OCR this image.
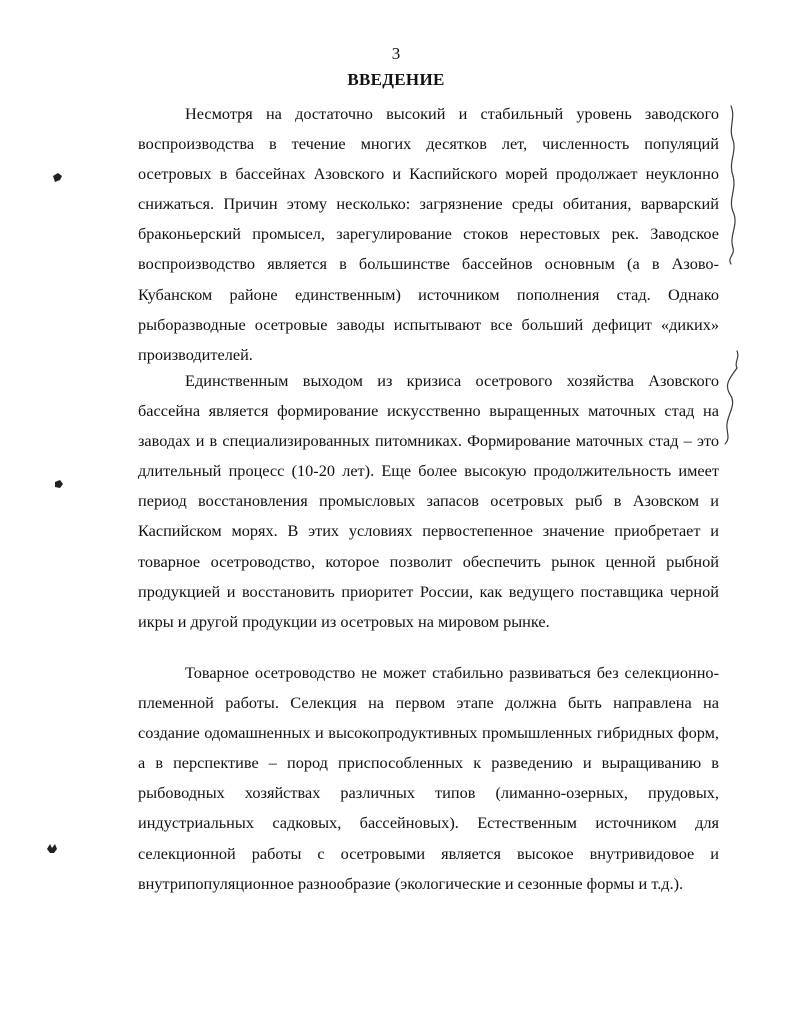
3
ВВЕДЕНИЕ

Несмотря на достаточно высокий и стабильный уровень заводского воспроизводства в течение многих десятков лет, численность популяций осетровых в бассейнах Азовского и Каспийского морей продолжает неуклонно снижаться. Причин этому несколько: загрязнение среды обитания, варварский браконьерский промысел, зарегулирование стоков нерестовых рек. Заводское воспроизводство является в большинстве бассейнов основным (а в Азово-Кубанском районе единственным) источником пополнения стад. Однако рыборазводные осетровые заводы испытывают все больший дефицит «диких» производителей.

Единственным выходом из кризиса осетрового хозяйства Азовского бассейна является формирование искусственно выращенных маточных стад на заводах и в специализированных питомниках. Формирование маточных стад – это длительный процесс (10-20 лет). Еще более высокую продолжительность имеет период восстановления промысловых запасов осетровых рыб в Азовском и Каспийском морях. В этих условиях первостепенное значение приобретает и товарное осетроводство, которое позволит обеспечить рынок ценной рыбной продукцией и восстановить приоритет России, как ведущего поставщика черной икры и другой продукции из осетровых на мировом рынке.

Товарное осетроводство не может стабильно развиваться без селекционно-племенной работы. Селекция на первом этапе должна быть направлена на создание одомашненных и высокопродуктивных промышленных гибридных форм, а в перспективе – пород приспособленных к разведению и выращиванию в рыбоводных хозяйствах различных типов (лиманно-озерных, прудовых, индустриальных садковых, бассейновых). Естественным источником для селекционной работы с осетровыми является высокое внутривидовое и внутрипопуляционное разнообразие (экологические и сезонные формы и т.д.).
